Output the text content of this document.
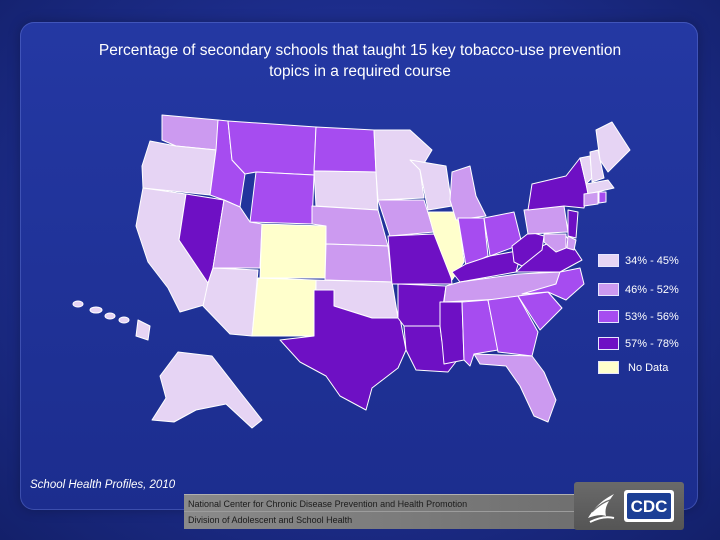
Percentage of secondary schools that taught 15 key tobacco-use prevention
topics in a required course
34% - 45%
46% - 52%
53% - 56%
57% - 78%
No Data
School Health Profiles, 2010
National Center for Chronic Disease Prevention and Health Promotion
Division of Adolescent and School Health
CDC
